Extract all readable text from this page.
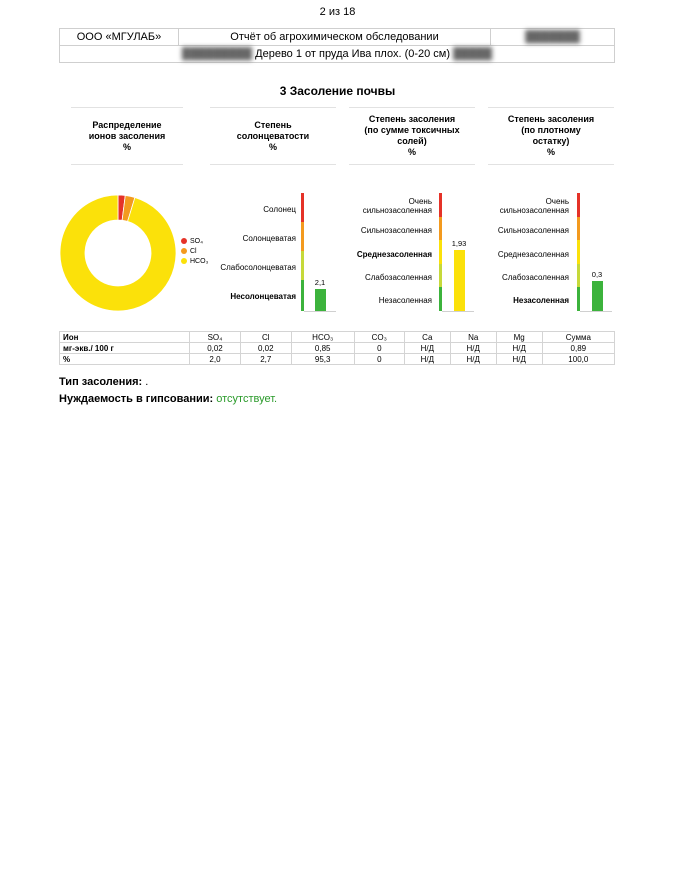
2 из 18
ООО «МГУЛАБ»	Отчёт об агрохимическом обследовании	███████
█████████ Дерево 1 от пруда Ива плох. (0-20 см) █████
3 Засоление почвы
Распределение
ионов засоления
%
Степень
солонцеватости
%
Степень засоления
(по сумме токсичных
солей)
%
Степень засоления
(по плотному
остатку)
%
SO₄
Cl
HCO₃
Солонец
Солонцеватая
Слабосолонцеватая
Несолонцеватая
2,1
Очень
сильнозасоленная
Сильнозасоленная
Среднезасоленная
Слабозасоленная
Незасоленная
1,93
Очень
сильнозасоленная
Сильнозасоленная
Среднезасоленная
Слабозасоленная
Незасоленная
0,3
Ион	SO₄	Cl	HCO₃	CO₃	Ca	Na	Mg	Сумма
мг-экв./ 100 г	0,02	0,02	0,85	0	Н/Д	Н/Д	Н/Д	0,89
%	2,0	2,7	95,3	0	Н/Д	Н/Д	Н/Д	100,0
Тип засоления: .
Нуждаемость в гипсовании: отсутствует.
